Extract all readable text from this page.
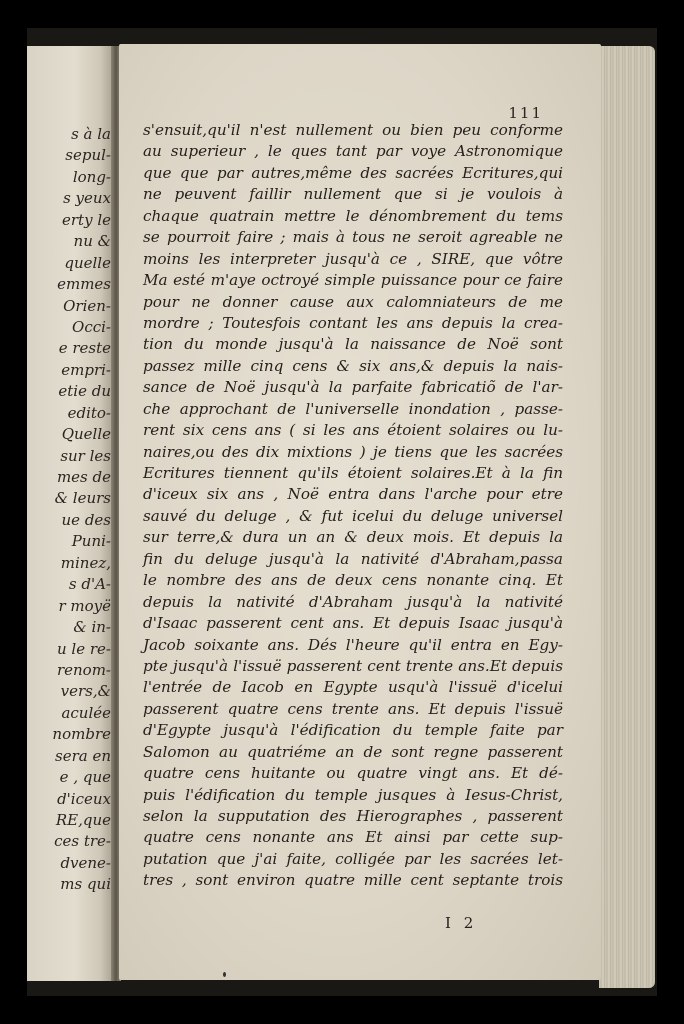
s à la
sepul-
long-
s yeux
erty le
nu &
quelle
emmes
Orien-
Occi-
e reste
empri-
etie du
edito-
Quelle
sur les
mes de
& leurs
ue des
Puni-
minez,
s d'A-
r moyë
& in-
u le re-
renom-
vers,&
aculée
nombre
sera en
e , que
d'iceux
RE,que
ces tre-
dvene-
ms qui
111
s'ensuit,qu'il n'est nullement ou bien peu conforme
au superieur , le ques tant par voye Astronomique
que que par autres,même des sacrées Ecritures,qui
ne peuvent faillir nullement que si je voulois à
chaque quatrain mettre le dénombrement du tems
se pourroit faire ; mais à tous ne seroit agreable ne
moins les interpreter jusqu'à ce , SIRE, que vôtre
Ma esté m'aye octroyé simple puissance pour ce faire
pour ne donner cause aux calomniateurs de me
mordre ; Toutesfois contant les ans depuis la crea-
tion du monde jusqu'à la naissance de Noë sont
passez mille cinq cens & six ans,& depuis la nais-
sance de Noë jusqu'à la parfaite fabricatiõ de l'ar-
che approchant de l'universelle inondation , passe-
rent six cens ans ( si les ans étoient solaires ou lu-
naires,ou des dix mixtions ) je tiens que les sacrées
Ecritures tiennent qu'ils étoient solaires.Et à la fin
d'iceux six ans , Noë entra dans l'arche pour etre
sauvé du deluge , & fut icelui du deluge universel
sur terre,& dura un an & deux mois. Et depuis la
fin du deluge jusqu'à la nativité d'Abraham,passa
le nombre des ans de deux cens nonante cinq. Et
depuis la nativité d'Abraham jusqu'à la nativité
d'Isaac passerent cent ans. Et depuis Isaac jusqu'à
Jacob soixante ans. Dés l'heure qu'il entra en Egy-
pte jusqu'à l'issuë passerent cent trente ans.Et depuis
l'entrée de Iacob en Egypte usqu'à l'issuë d'icelui
passerent quatre cens trente ans. Et depuis l'issuë
d'Egypte jusqu'à l'édification du temple faite par
Salomon au quatriéme an de sont regne passerent
quatre cens huitante ou quatre vingt ans. Et dé-
puis l'édification du temple jusques à Iesus-Christ,
selon la supputation des Hierographes , passerent
quatre cens nonante ans Et ainsi par cette sup-
putation que j'ai faite, colligée par les sacrées let-
tres , sont environ quatre mille cent septante trois
I 2
